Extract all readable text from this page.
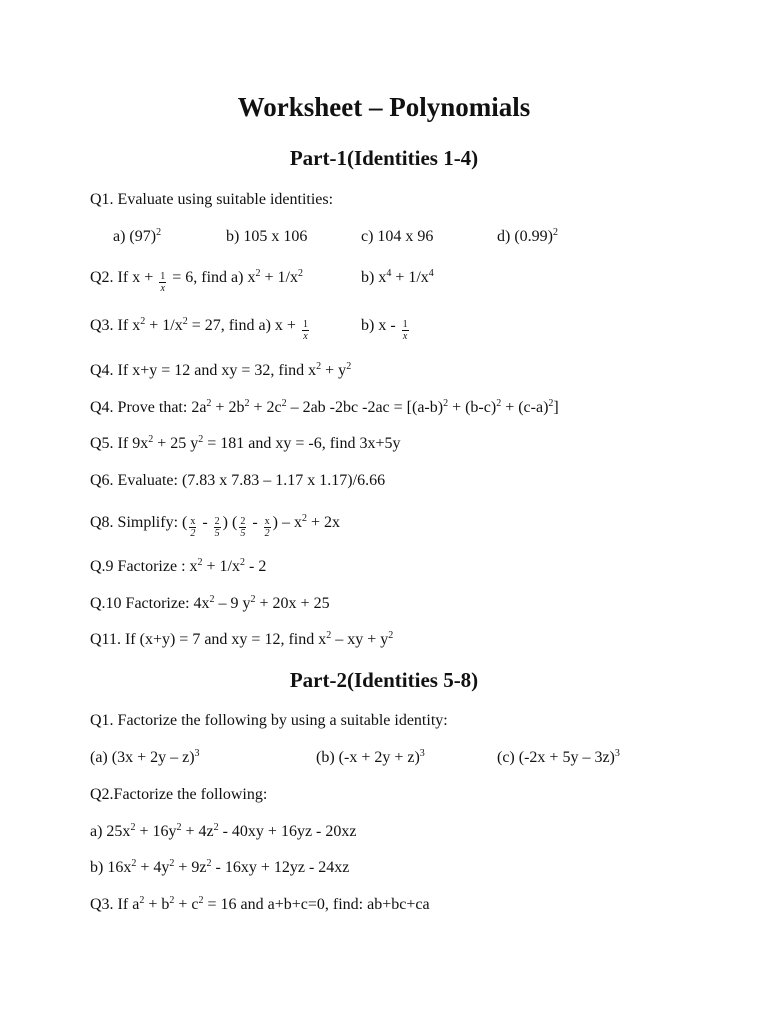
Worksheet – Polynomials
Part-1(Identities 1-4)
Q1. Evaluate using suitable identities:
a) $(97)^2$	b) 105 x 106	c) 104 x 96	d) $(0.99)^2$
Q2. If $x + \frac{1}{x} = 6$, find a) $x^2 + 1/x^2$	b) $x^4 + 1/x^4$
Q3. If $x^2 + 1/x^2 = 27$, find a) $x + \frac{1}{x}$	b) x - $\frac{1}{x}$
Q4. If x+y = 12 and xy = 32, find $x^2 + y^2$
Q4. Prove that: $2a^2 + 2b^2 + 2c^2 - 2ab$ -2bc $-2ac = [(a-b)^2 + (b-c)^2 + (c-a)^2]$
Q5. If $9x^2 + 25$ $y^2 = 181$ and xy = -6, find 3x+5y
Q6. Evaluate: (7.83 x 7.83 – 1.17 x 1.17)/6.66
Q8. Simplify: ( $\frac{x}{2} - \frac{2}{5}$ ) ( $\frac{2}{5} - \frac{x}{2}$ ) – $x^2 + 2x$
Q.9 Factorize : $x^2 + 1/x^2 - 2$
Q.10 Factorize: $4x^2 - 9$ $y^2 + 20x + 25$
Q11. If (x+y) = 7 and xy = 12, find $x^2$ – xy + $y^2$
Part-2(Identities 5-8)
Q1. Factorize the following by using a suitable identity:
(a) $(3x + 2y - z)^3$	(b) $(-x + 2y + z)^3$	(c) $(-2x + 5y - 3z)^3$
Q2.Factorize the following:
a) $25x^2 + 16y^2 + 4z^2 - 40xy + 16yz - 20xz$
b) $16x^2 + 4y^2 + 9z^2 - 16xy + 12yz - 24xz$
Q3. If $a^2 + b^2 + c^2 = 16$ and a+b+c=0, find: ab+bc+ca
